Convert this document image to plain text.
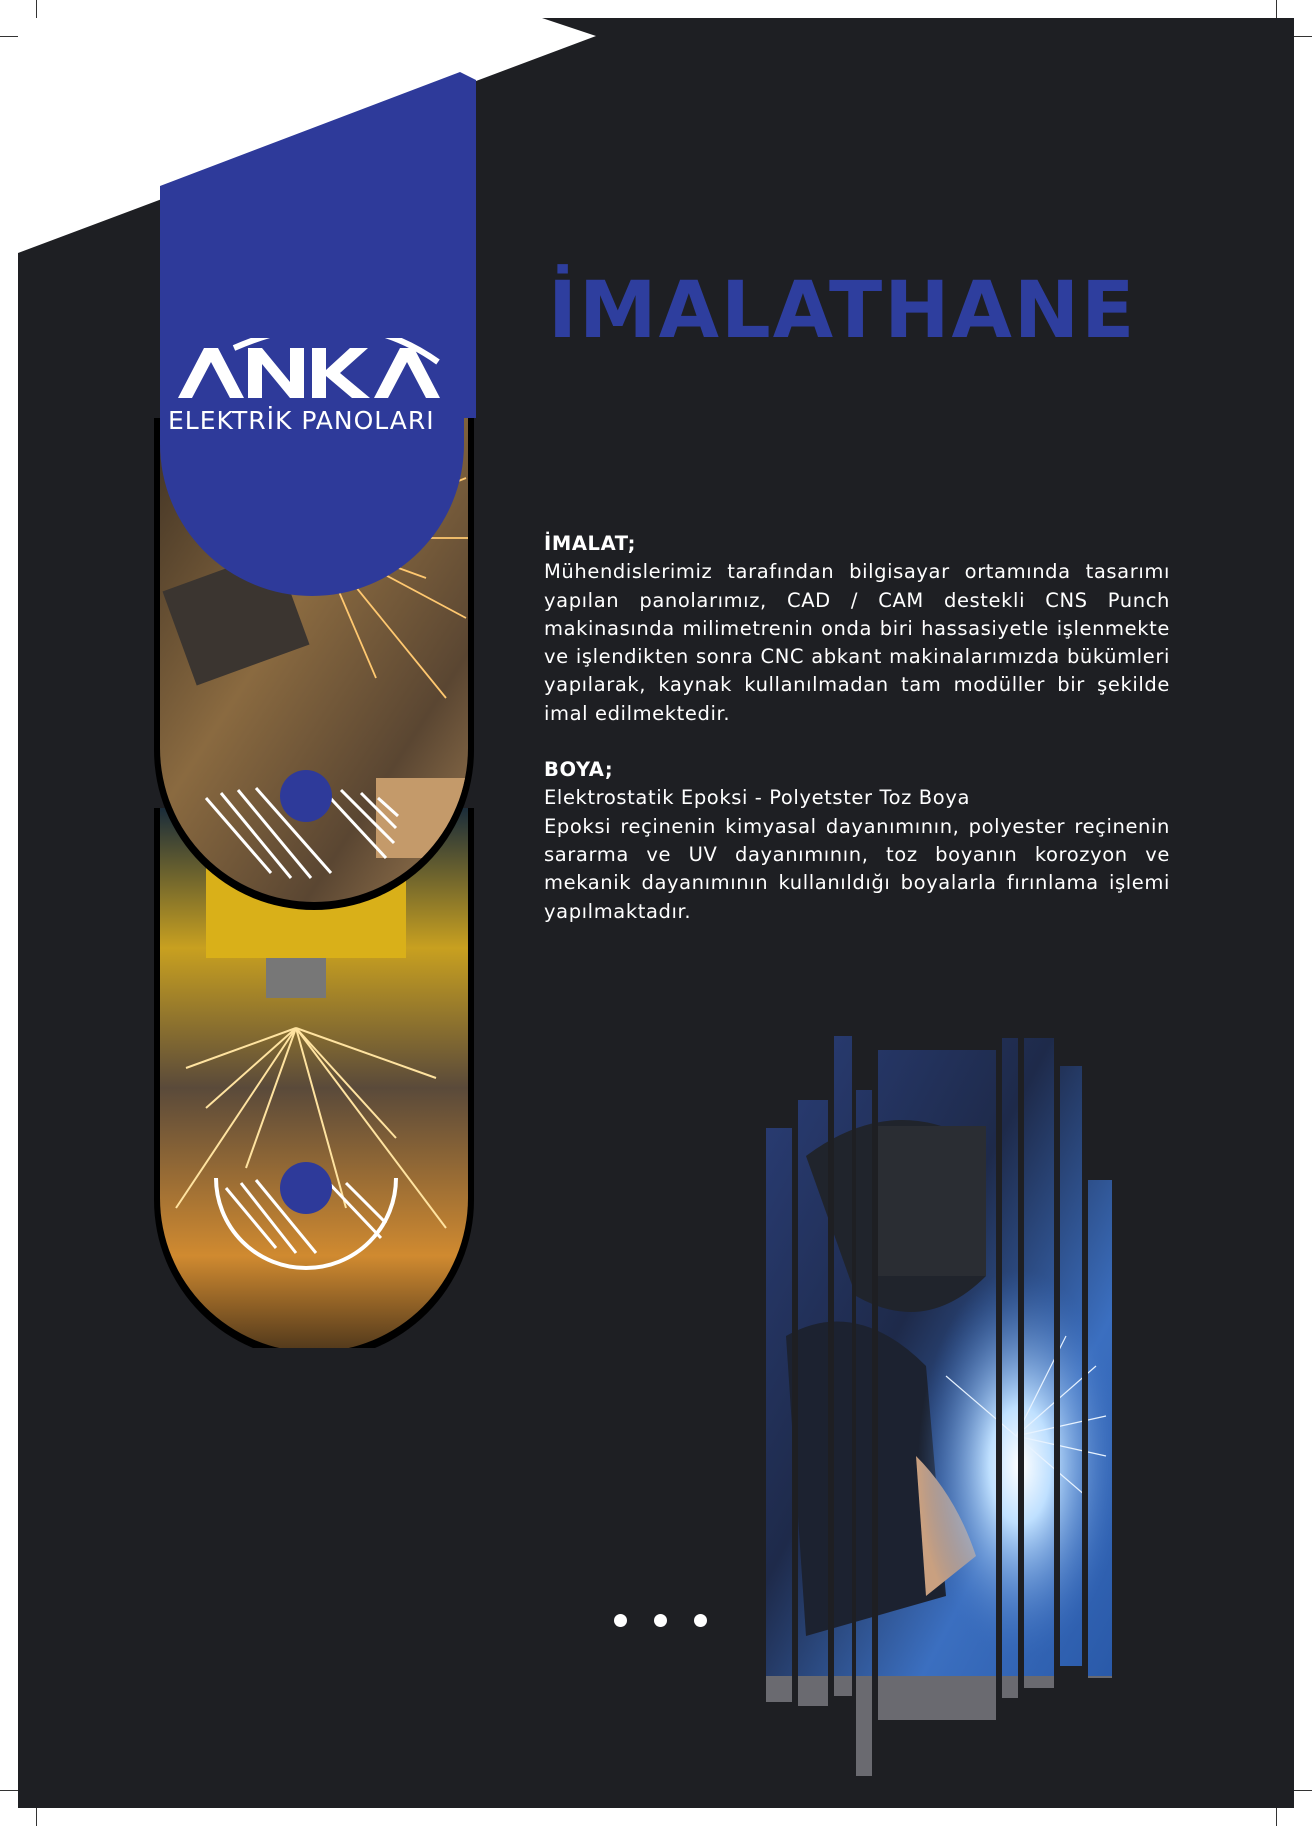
ELEKTRİK PANOLARI
İMALATHANE
İMALAT;

Mühendislerimiz tarafından bilgisayar ortamında tasarımı yapılan panolarımız, CAD / CAM destekli CNS Punch makinasında milimetrenin onda biri hassasiyetle işlenmekte ve işlendikten sonra CNC abkant makinalarımızda bükümleri yapılarak, kaynak kullanılmadan tam modüller bir şekilde imal edilmektedir.

BOYA;
Elektrostatik Epoksi - Polyetster Toz Boya

Epoksi reçinenin kimyasal dayanımının, polyester reçinenin sararma ve UV dayanımının, toz boyanın korozyon ve mekanik dayanımının kullanıldığı boyalarla fırınlama işlemi yapılmaktadır.
